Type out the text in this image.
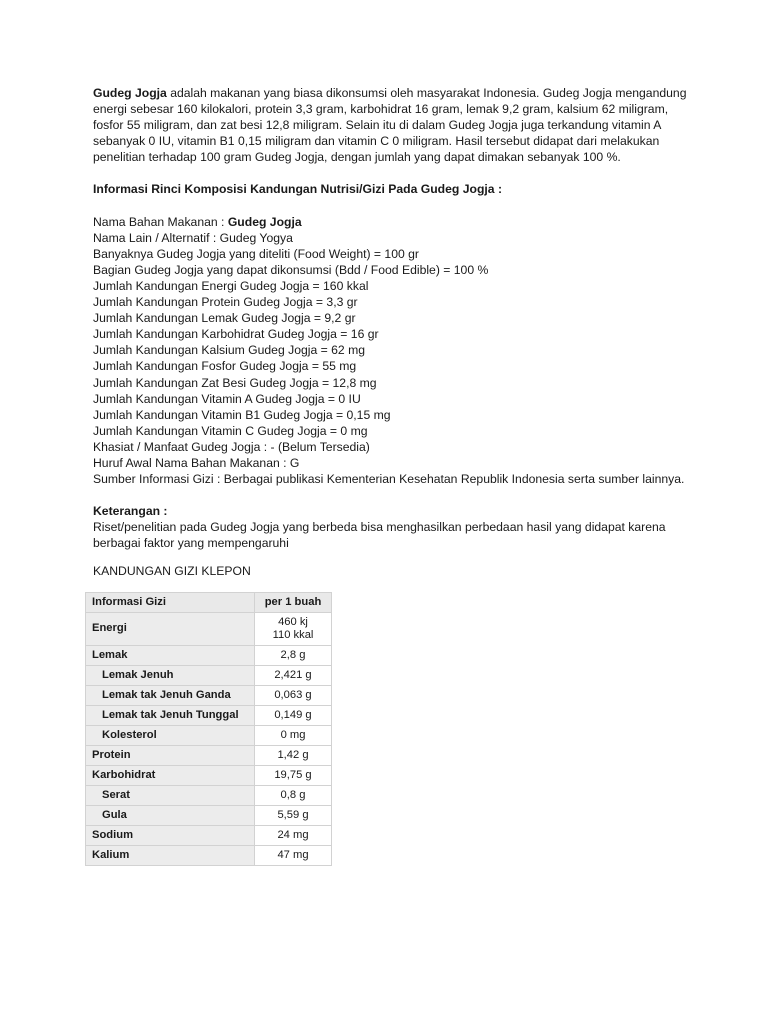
Gudeg Jogja adalah makanan yang biasa dikonsumsi oleh masyarakat Indonesia. Gudeg Jogja mengandung energi sebesar 160 kilokalori, protein 3,3 gram, karbohidrat 16 gram, lemak 9,2 gram, kalsium 62 miligram, fosfor 55 miligram, dan zat besi 12,8 miligram. Selain itu di dalam Gudeg Jogja juga terkandung vitamin A sebanyak 0 IU, vitamin B1 0,15 miligram dan vitamin C 0 miligram. Hasil tersebut didapat dari melakukan penelitian terhadap 100 gram Gudeg Jogja, dengan jumlah yang dapat dimakan sebanyak 100 %.

Informasi Rinci Komposisi Kandungan Nutrisi/Gizi Pada Gudeg Jogja :

Nama Bahan Makanan : Gudeg Jogja

Nama Lain / Alternatif : Gudeg Yogya

Banyaknya Gudeg Jogja yang diteliti (Food Weight) = 100 gr

Bagian Gudeg Jogja yang dapat dikonsumsi (Bdd / Food Edible) = 100 %

Jumlah Kandungan Energi Gudeg Jogja = 160 kkal

Jumlah Kandungan Protein Gudeg Jogja = 3,3 gr

Jumlah Kandungan Lemak Gudeg Jogja = 9,2 gr

Jumlah Kandungan Karbohidrat Gudeg Jogja = 16 gr

Jumlah Kandungan Kalsium Gudeg Jogja = 62 mg

Jumlah Kandungan Fosfor Gudeg Jogja = 55 mg

Jumlah Kandungan Zat Besi Gudeg Jogja = 12,8 mg

Jumlah Kandungan Vitamin A Gudeg Jogja = 0 IU

Jumlah Kandungan Vitamin B1 Gudeg Jogja = 0,15 mg

Jumlah Kandungan Vitamin C Gudeg Jogja = 0 mg

Khasiat / Manfaat Gudeg Jogja : - (Belum Tersedia)

Huruf Awal Nama Bahan Makanan : G

Sumber Informasi Gizi : Berbagai publikasi Kementerian Kesehatan Republik Indonesia serta sumber lainnya.

Keterangan :

Riset/penelitian pada Gudeg Jogja yang berbeda bisa menghasilkan perbedaan hasil yang didapat karena berbagai faktor yang mempengaruhi

KANDUNGAN GIZI KLEPON

Informasi Gizi	per 1 buah
Energi	460 kj
110 kkal

Lemak	2,8 g

Lemak Jenuh	2,421 g

Lemak tak Jenuh Ganda	0,063 g

Lemak tak Jenuh Tunggal	0,149 g

Kolesterol	0 mg

Protein	1,42 g

Karbohidrat	19,75 g

Serat	0,8 g

Gula	5,59 g

Sodium	24 mg

Kalium	47 mg
